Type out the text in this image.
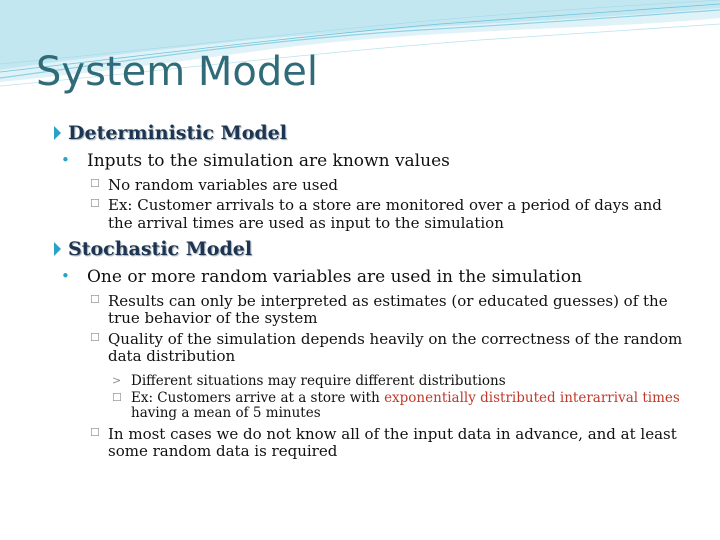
System Model
Deterministic Model
• Inputs to the simulation are known values
☐ No random variables are used
☐ Ex: Customer arrivals to a store are monitored over a period of days and the arrival times are used as input to the simulation
Stochastic Model
• One or more random variables are used in the simulation
☐ Results can only be interpreted as estimates (or educated guesses) of the true behavior of the system
☐ Quality of the simulation depends heavily on the correctness of the random data distribution
> Different situations may require different distributions
☐ Ex: Customers arrive at a store with exponentially distributed interarrival times having a mean of 5 minutes
☐ In most cases we do not know all of the input data in advance, and at least some random data is required
